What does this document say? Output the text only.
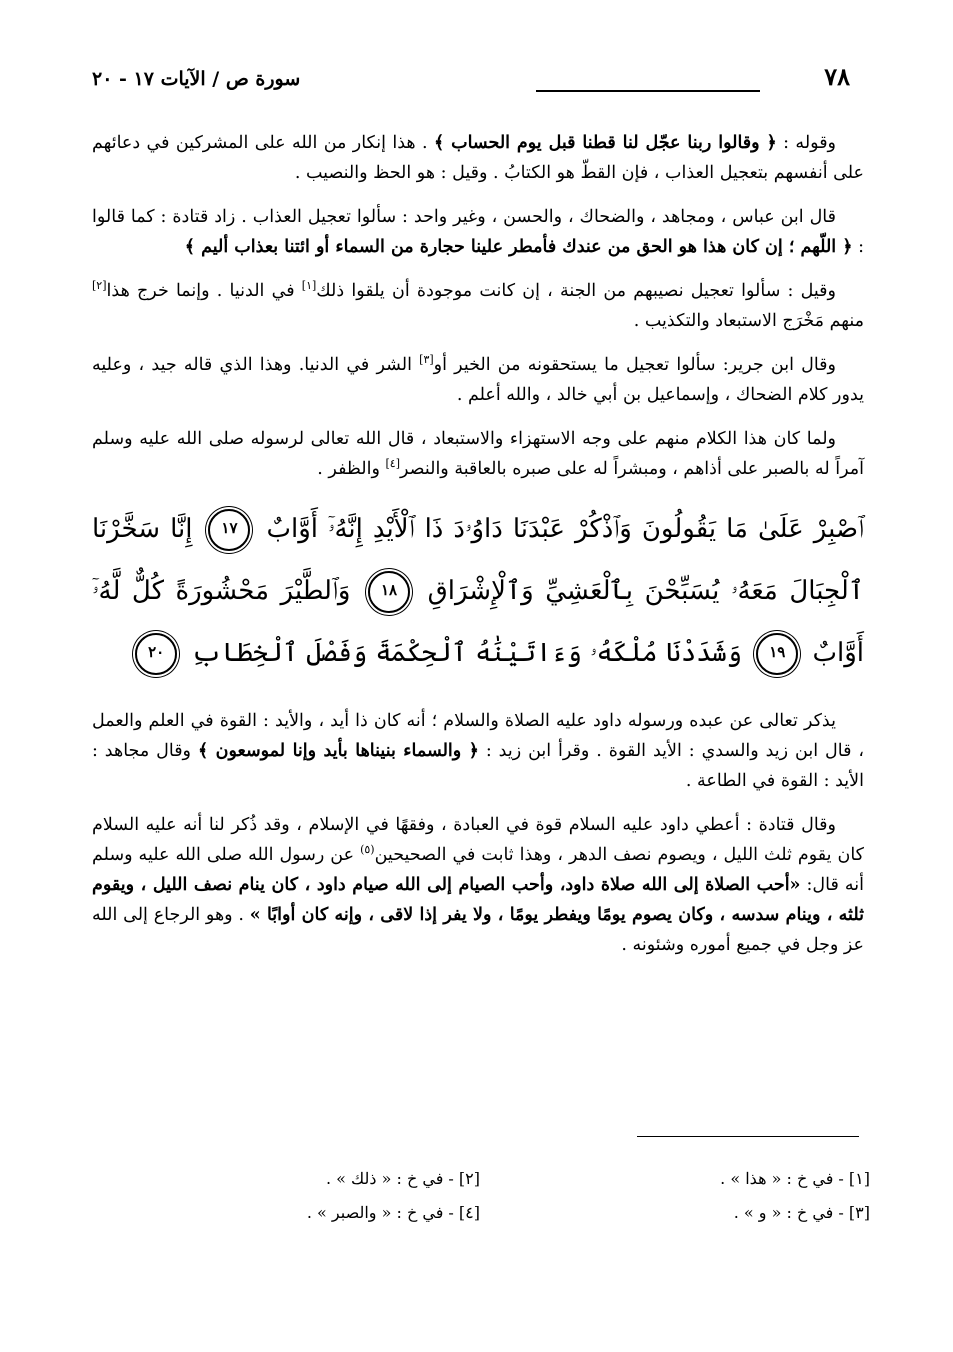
٧٨
سورة ص / الآيات ١٧ - ٢٠

وقوله : ﴿ وقالوا ربنا عجّل لنا قطنا قبل يوم الحساب ﴾ . هذا إنكار من الله على المشركين في دعائهم على أنفسهم بتعجيل العذاب ، فإن القطّ هو الكتابُ . وقيل : هو الحظ والنصيب .

قال ابن عباس ، ومجاهد ، والضحاك ، والحسن ، وغير واحد : سألوا تعجيل العذاب . زاد قتادة : كما قالوا : ﴿ اللّهم ؛ إن كان هذا هو الحق من عندك فأمطر علينا حجارة من السماء أو ائتنا بعذاب أليم ﴾

وقيل : سألوا تعجيل نصيبهم من الجنة ، إن كانت موجودة أن يلقوا ذلك[١] في الدنيا . وإنما خرج هذا[٢] منهم مَخْرَج الاستبعاد والتكذيب .

وقال ابن جرير: سألوا تعجيل ما يستحقونه من الخير أو[٣] الشر في الدنيا. وهذا الذي قاله جيد ، وعليه يدور كلام الضحاك ، وإسماعيل بن أبي خالد ، والله أعلم .

ولما كان هذا الكلام منهم على وجه الاستهزاء والاستبعاد ، قال الله تعالى لرسوله صلى الله عليه وسلم آمراً له بالصبر على أذاهم ، ومبشراً له على صبره بالعاقبة والنصر[٤] والظفر .

ٱصْبِرْ عَلَىٰ مَا يَقُولُونَ وَٱذْكُرْ عَبْدَنَا دَاوُۥدَ ذَا ٱلْأَيْدِ إِنَّهُۥٓ أَوَّابٌ ١٧ إِنَّا سَخَّرْنَا ٱلْجِبَالَ مَعَهُۥ يُسَبِّحْنَ بِٱلْعَشِيِّ وَٱلْإِشْرَاقِ ١٨ وَٱلطَّيْرَ مَحْشُورَةً كُلٌّ لَّهُۥٓ أَوَّابٌ ١٩ وَشَدَدْنَا مُلْكَهُۥ وَءَاتَيْنَٰهُ ٱلْحِكْمَةَ وَفَصْلَ ٱلْخِطَابِ ٢٠

يذكر تعالى عن عبده ورسوله داود عليه الصلاة والسلام ؛ أنه كان ذا أيد ، والأيد : القوة في العلم والعمل ، قال ابن زيد والسدي : الأيد القوة . وقرأ ابن زيد : ﴿ والسماء بنيناها بأيد وإنا لموسعون ﴾ وقال مجاهد : الأيد : القوة في الطاعة .

وقال قتادة : أعطي داود عليه السلام قوة في العبادة ، وفقهًا في الإسلام ، وقد ذُكر لنا أنه عليه السلام كان يقوم ثلث الليل ، ويصوم نصف الدهر ، وهذا ثابت في الصحيحين$^{(٥)}$ عن رسول الله صلى الله عليه وسلم أنه قال: «أحب الصلاة إلى الله صلاة داود، وأحب الصيام إلى الله صيام داود ، كان ينام نصف الليل ، ويقوم ثلثه ، وينام سدسه ، وكان يصوم يومًا ويفطر يومًا ، ولا يفر إذا لاقى ، وإنه كان أوابًا » . وهو الرجاع إلى الله عز وجل في جميع أموره وشئونه .

[١] - في خ : « هذا » .
[٢] - في خ : « ذلك » .
[٣] - في خ : « و » .
[٤] - في خ : « والصبر » .
